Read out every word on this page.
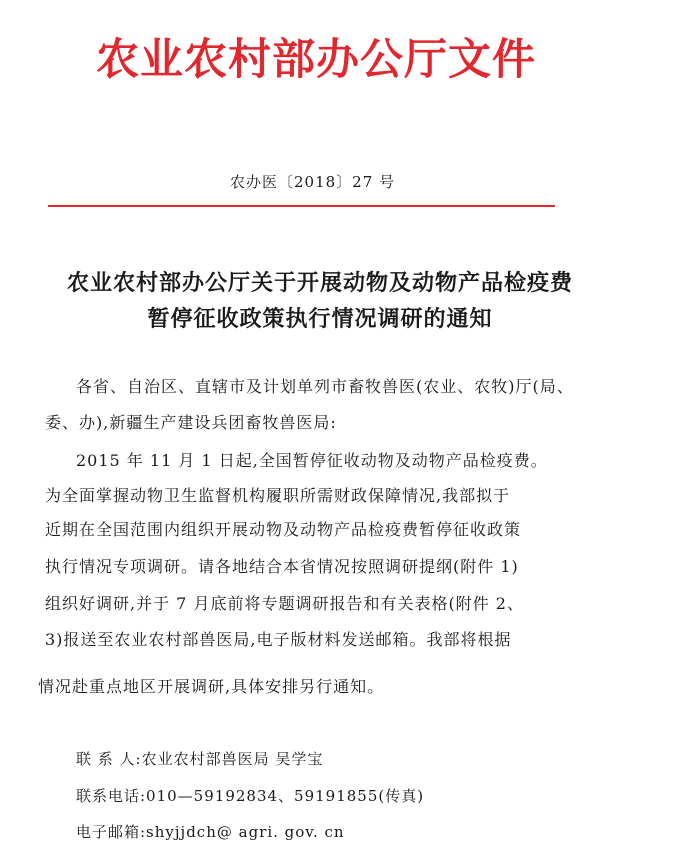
农业农村部办公厅文件
农办医〔2018〕27 号
农业农村部办公厅关于开展动物及动物产品检疫费
暂停征收政策执行情况调研的通知
各省、自治区、直辖市及计划单列市畜牧兽医(农业、农牧)厅(局、
委、办),新疆生产建设兵团畜牧兽医局:
2015 年 11 月 1 日起,全国暂停征收动物及动物产品检疫费。
为全面掌握动物卫生监督机构履职所需财政保障情况,我部拟于
近期在全国范围内组织开展动物及动物产品检疫费暂停征收政策
执行情况专项调研。请各地结合本省情况按照调研提纲(附件 1)
组织好调研,并于 7 月底前将专题调研报告和有关表格(附件 2、
3)报送至农业农村部兽医局,电子版材料发送邮箱。我部将根据
情况赴重点地区开展调研,具体安排另行通知。
联 系 人:农业农村部兽医局 吴学宝
联系电话:010—59192834、59191855(传真)
电子邮箱:shyjjdch@ agri. gov. cn
